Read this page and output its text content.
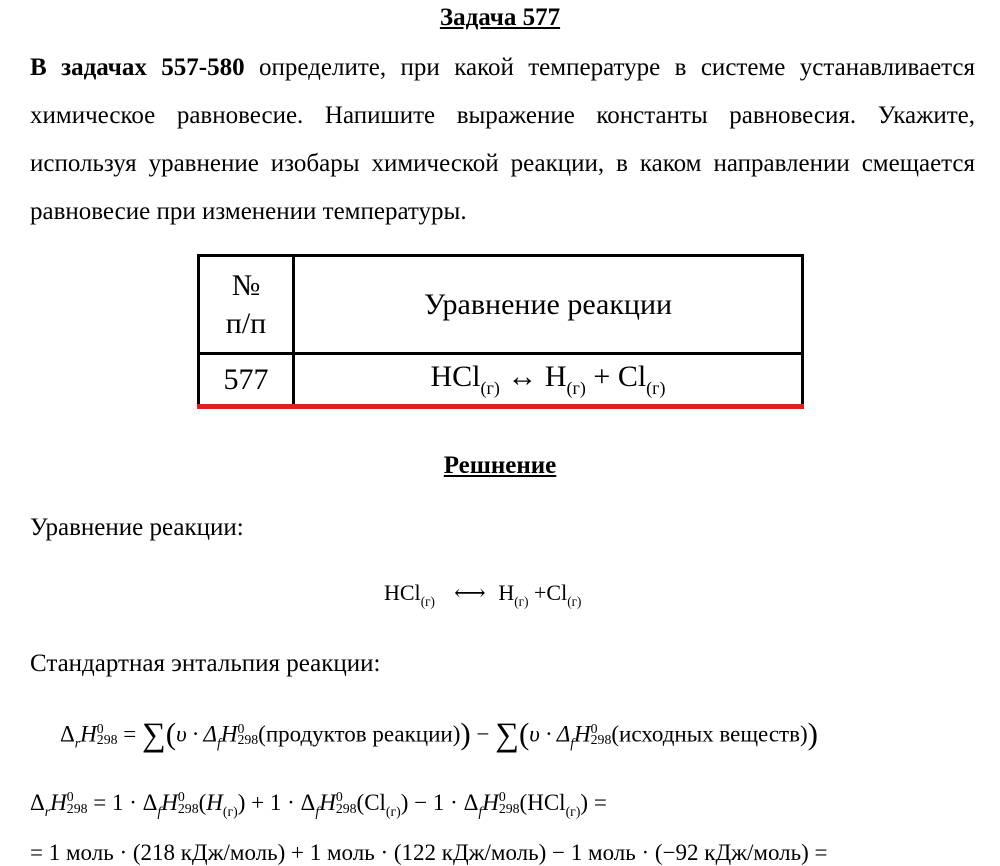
Задача 577
В задачах 557-580 определите, при какой температуре в системе устанавливается химическое равновесие. Напишите выражение константы равновесия. Укажите, используя уравнение изобары химической реакции, в каком направлении смещается равновесие при изменении температуры.
№
п/п	Уравнение реакции
577	HCl$_{(г)}$ ↔ $H_{(г)} + Cl_{(г)}$
Решнение
Уравнение реакции:
HCl$_{(г)}$ ⟷ $H_{(г)} +Cl_{(г)}$
Стандартная энтальпия реакции:
$\Delta_rH$ 0
$298 = \sum(\upsilon \cdot \Delta_fH$ 0
298 (продуктов реакции)) − $\sum(\upsilon \cdot \Delta_fH$ 0
298 (исходных веществ))
$\Delta_rH$ 0
$298 = 1 \cdot \Delta_fH$ 0
298 $(H_{(г)}) + 1 \cdot \Delta_fH$ 0
298 $(Cl_{(г)}) - 1 \cdot \Delta_fH$ 0
298 (HCl$_{(г)}$) =
= 1 моль · (218 кДж/моль) + 1 моль · (122 кДж/моль) − 1 моль · (−92 кДж/моль) =
